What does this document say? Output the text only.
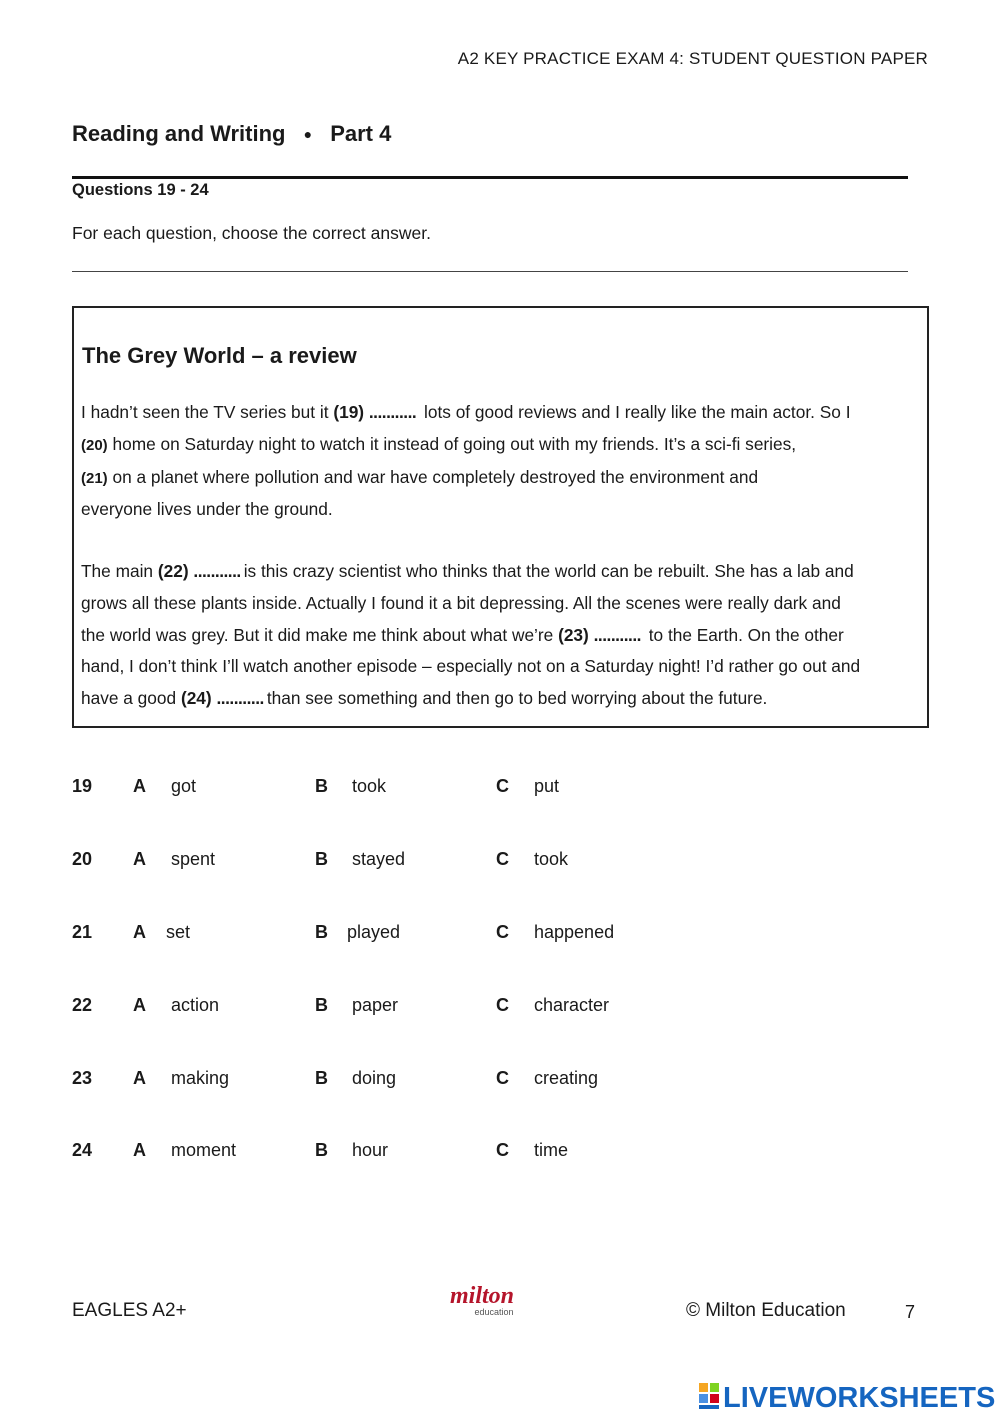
A2 KEY PRACTICE EXAM 4: STUDENT QUESTION PAPER
Reading and Writing ● Part 4
Questions 19 - 24
For each question, choose the correct answer.
The Grey World – a review
I hadn’t seen the TV series but it (19) ........... lots of good reviews and I really like the main actor. So I
(20) home on Saturday night to watch it instead of going out with my friends. It’s a sci-fi series,
(21) on a planet where pollution and war have completely destroyed the environment and
everyone lives under the ground.
The main (22) ........... is this crazy scientist who thinks that the world can be rebuilt. She has a lab and
grows all these plants inside. Actually I found it a bit depressing. All the scenes were really dark and
the world was grey. But it did make me think about what we’re (23) ........... to the Earth. On the other
hand, I don’t think I’ll watch another episode – especially not on a Saturday night! I’d rather go out and
have a good (24) ........... than see something and then go to bed worrying about the future.
19 A got	B took	C put
20 A spent	B stayed	C took
21 A set	B played	C happened
22 A action	B paper	C character
23 A making	B doing	C creating
24 A moment	B hour	C time
EAGLES A2+
milton
education	© Milton Education	7
LIVEWORKSHEETS
